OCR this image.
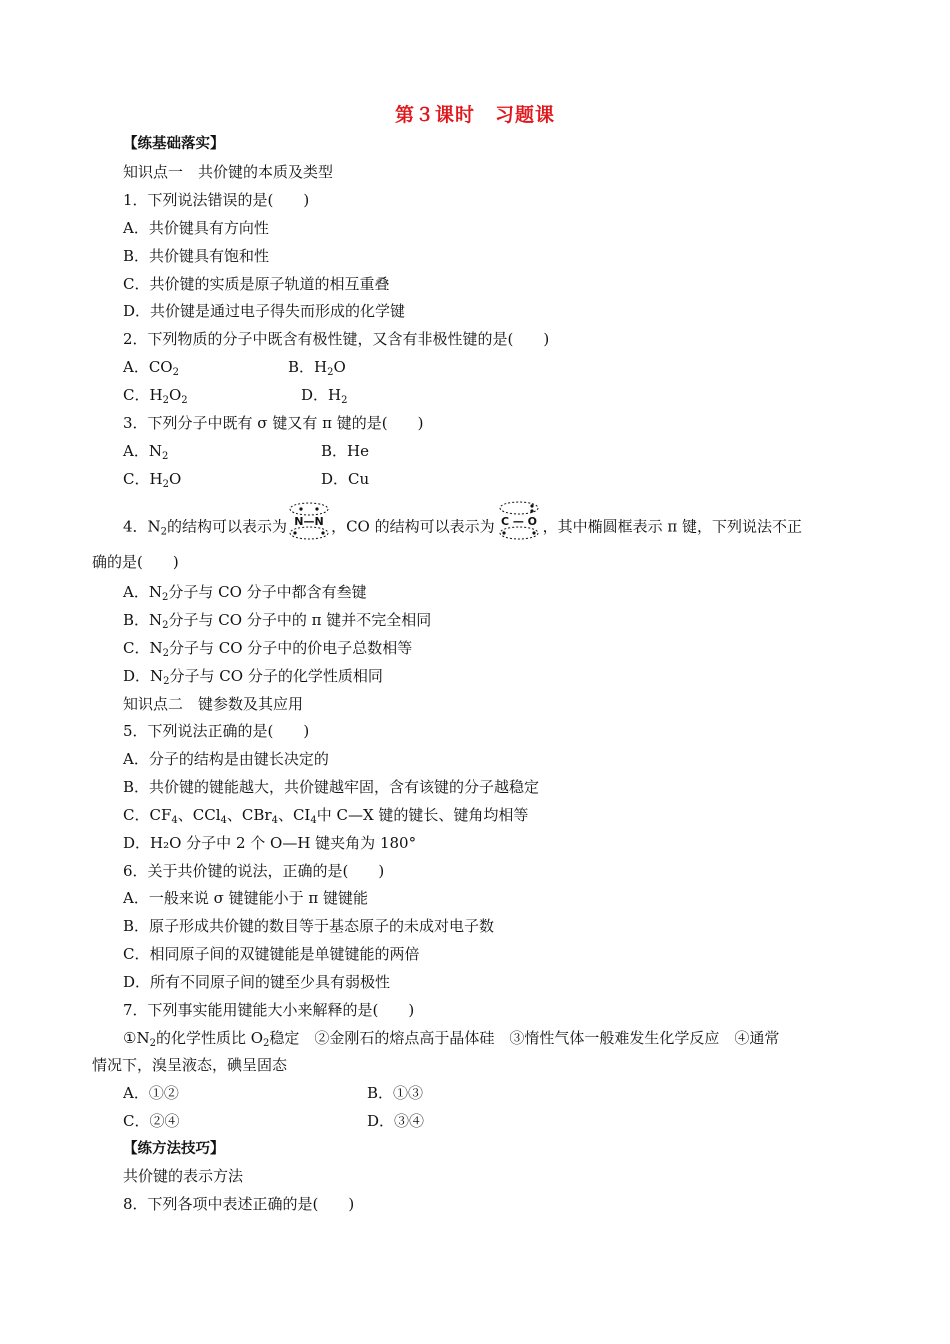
第３课时　习题课
【练基础落实】
知识点一　共价键的本质及类型
1．下列说法错误的是(　　)
A．共价键具有方向性
B．共价键具有饱和性
C．共价键的实质是原子轨道的相互重叠
D．共价键是通过电子得失而形成的化学键
2．下列物质的分子中既含有极性键，又含有非极性键的是(　　)
A．$CO_2$	B．$H_2O$
C．$H_2O_2$	D．$H_2$
3．下列分子中既有 σ 键又有 π 键的是(　　)
A．$N_2$	B．He
C．$H_2O$	D．Cu
4．$N_2$的结构可以表示为 N—N ，CO 的结构可以表示为 C — O ，其中椭圆框表示 π 键，下列说法不正
确的是(　　)
A．$N_2$分子与 CO 分子中都含有叁键
B．$N_2$分子与 CO 分子中的 π 键并不完全相同
C．$N_2$分子与 CO 分子中的价电子总数相等
D．$N_2$分子与 CO 分子的化学性质相同
知识点二　键参数及其应用
5．下列说法正确的是(　　)
A．分子的结构是由键长决定的
B．共价键的键能越大，共价键越牢固，含有该键的分子越稳定
C．$CF_4$、CCl$_4$、CBr$_4$、$CI_4$中 C—X 键的键长、键角均相等
D．H₂O 分子中 2 个 O—H 键夹角为 180°
6．关于共价键的说法，正确的是(　　)
A．一般来说 σ 键键能小于 π 键键能
B．原子形成共价键的数目等于基态原子的未成对电子数
C．相同原子间的双键键能是单键键能的两倍
D．所有不同原子间的键至少具有弱极性
7．下列事实能用键能大小来解释的是(　　)
$①N_2$的化学性质比 $O_2$稳定　②金刚石的熔点高于晶体硅　③惰性气体一般难发生化学反应　④通常
情况下，溴呈液态，碘呈固态
A．①②	B．①③
C．②④	D．③④
【练方法技巧】
共价键的表示方法
8．下列各项中表述正确的是(　　)
